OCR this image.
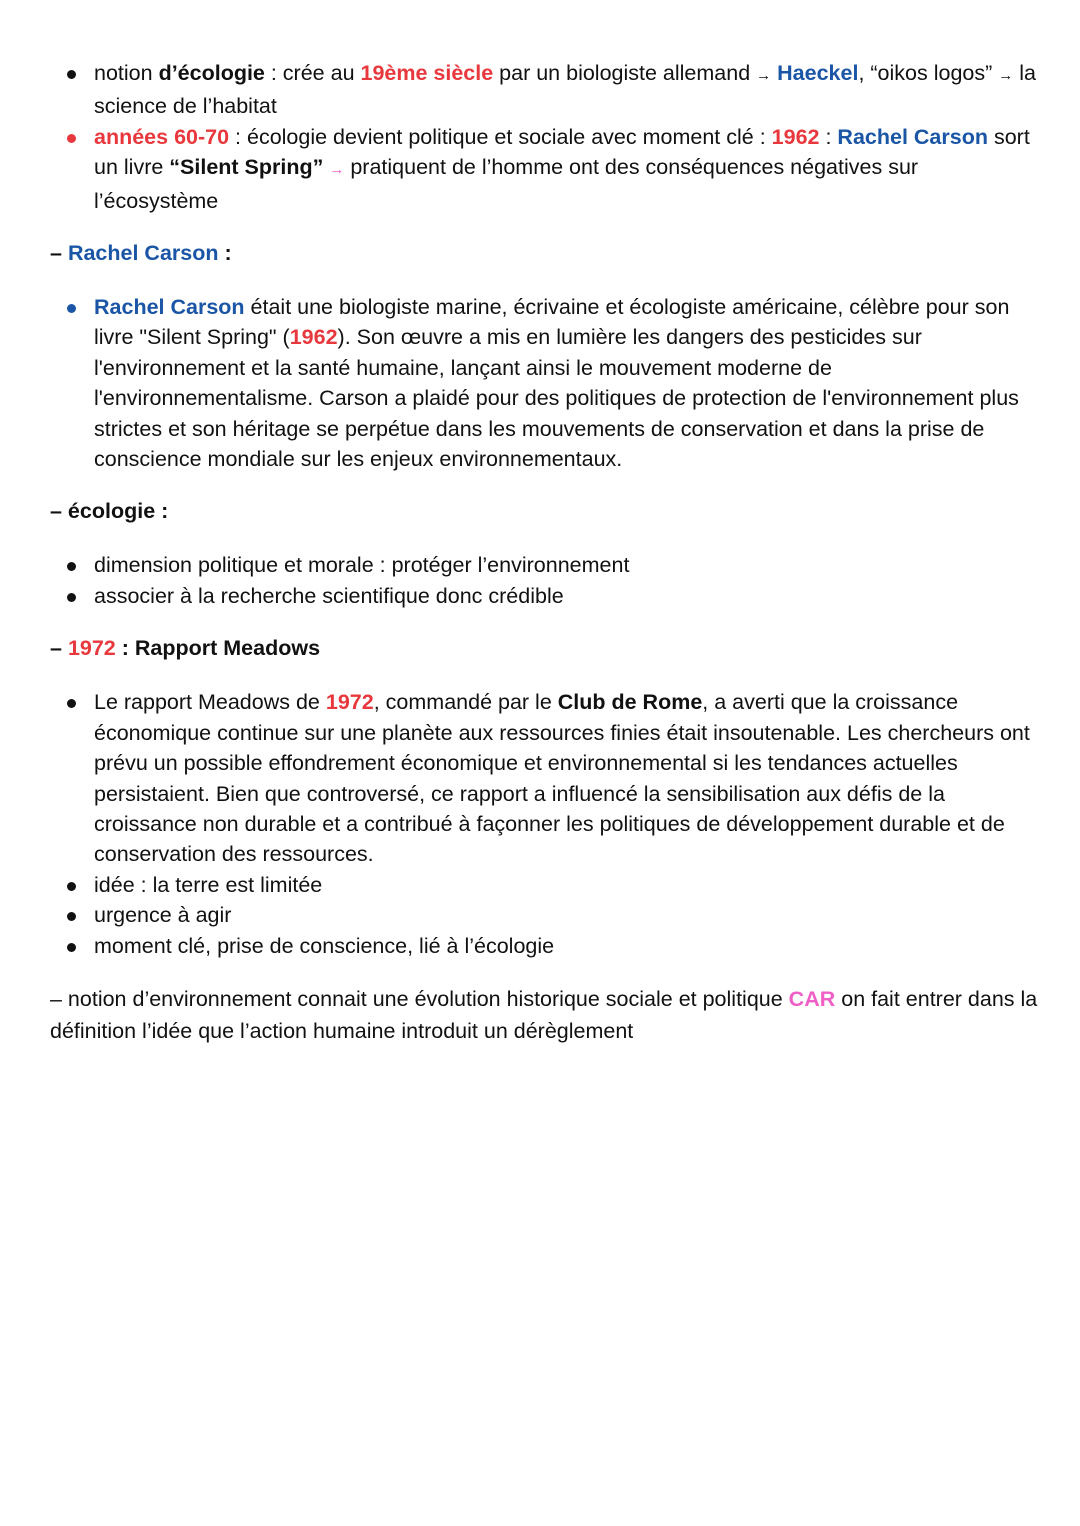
notion d’écologie : crée au 19ème siècle par un biologiste allemand → Haeckel, “oikos logos” → la science de l’habitat
années 60-70 : écologie devient politique et sociale avec moment clé : 1962 : Rachel Carson sort un livre “Silent Spring” → pratiquent de l’homme ont des conséquences négatives sur l’écosystème
– Rachel Carson :
Rachel Carson était une biologiste marine, écrivaine et écologiste américaine, célèbre pour son livre "Silent Spring" (1962). Son œuvre a mis en lumière les dangers des pesticides sur l'environnement et la santé humaine, lançant ainsi le mouvement moderne de l'environnementalisme. Carson a plaidé pour des politiques de protection de l'environnement plus strictes et son héritage se perpétue dans les mouvements de conservation et dans la prise de conscience mondiale sur les enjeux environnementaux.
– écologie :
dimension politique et morale : protéger l’environnement
associer à la recherche scientifique donc crédible
– 1972 : Rapport Meadows
Le rapport Meadows de 1972, commandé par le Club de Rome, a averti que la croissance économique continue sur une planète aux ressources finies était insoutenable. Les chercheurs ont prévu un possible effondrement économique et environnemental si les tendances actuelles persistaient. Bien que controversé, ce rapport a influencé la sensibilisation aux défis de la croissance non durable et a contribué à façonner les politiques de développement durable et de conservation des ressources.
idée : la terre est limitée
urgence à agir
moment clé, prise de conscience, lié à l’écologie
– notion d’environnement connait une évolution historique sociale et politique CAR on fait entrer dans la définition l’idée que l’action humaine introduit un dérèglement
